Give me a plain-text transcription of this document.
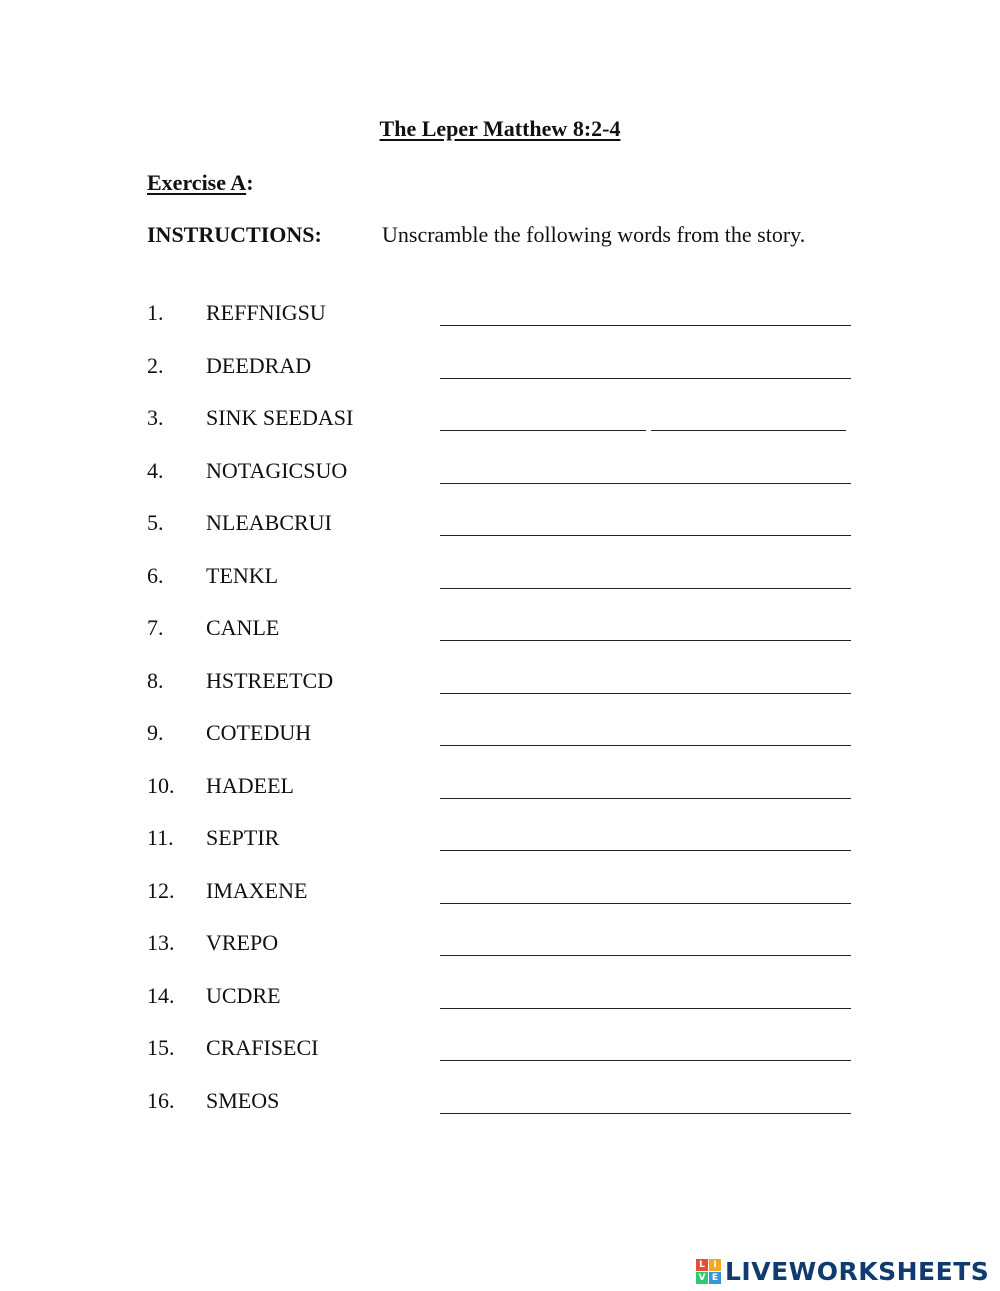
The Leper Matthew 8:2-4
Exercise A:
INSTRUCTIONS:	Unscramble the following words from the story.
1. REFFNIGSU
2. DEEDRAD
3. SINK SEEDASI
4. NOTAGICSUO
5. NLEABCRUI
6. TENKL
7. CANLE
8. HSTREETCD
9. COTEDUH
10. HADEEL
11. SEPTIR
12. IMAXENE
13. VREPO
14. UCDRE
15. CRAFISECI
16. SMEOS
L I
V E LIVEWORKSHEETS
